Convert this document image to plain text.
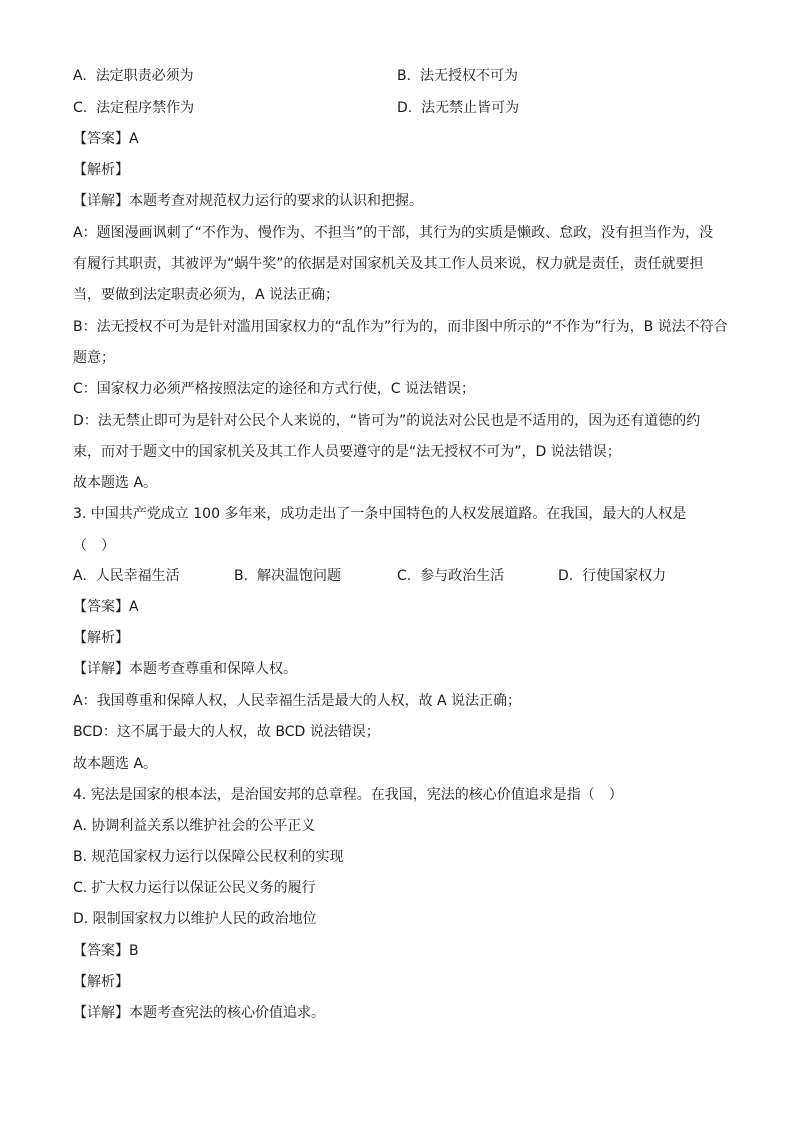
A. 法定职责必须为	B. 法无授权不可为
C. 法定程序禁作为	D. 法无禁止皆可为
【答案】A
【解析】
【详解】本题考查对规范权力运行的要求的认识和把握。
A：题图漫画讽刺了“不作为、慢作为、不担当”的干部，其行为的实质是懒政、怠政，没有担当作为，没
有履行其职责，其被评为“蜗牛奖”的依据是对国家机关及其工作人员来说，权力就是责任，责任就要担
当，要做到法定职责必须为，A 说法正确；
B：法无授权不可为是针对滥用国家权力的“乱作为”行为的，而非图中所示的“不作为”行为，B 说法不符合
题意；
C：国家权力必须严格按照法定的途径和方式行使，C 说法错误；
D：法无禁止即可为是针对公民个人来说的，“皆可为”的说法对公民也是不适用的，因为还有道德的约
束，而对于题文中的国家机关及其工作人员要遵守的是“法无授权不可为”，D 说法错误；
故本题选 A。
3. 中国共产党成立 100 多年来，成功走出了一条中国特色的人权发展道路。在我国，最大的人权是
（　）
A. 人民幸福生活	B. 解决温饱问题	C. 参与政治生活	D. 行使国家权力
【答案】A
【解析】
【详解】本题考查尊重和保障人权。
A：我国尊重和保障人权，人民幸福生活是最大的人权，故 A 说法正确；
BCD：这不属于最大的人权，故 BCD 说法错误；
故本题选 A。
4. 宪法是国家的根本法，是治国安邦的总章程。在我国，宪法的核心价值追求是指（　）
A. 协调利益关系以维护社会的公平正义
B. 规范国家权力运行以保障公民权利的实现
C. 扩大权力运行以保证公民义务的履行
D. 限制国家权力以维护人民的政治地位
【答案】B
【解析】
【详解】本题考查宪法的核心价值追求。
